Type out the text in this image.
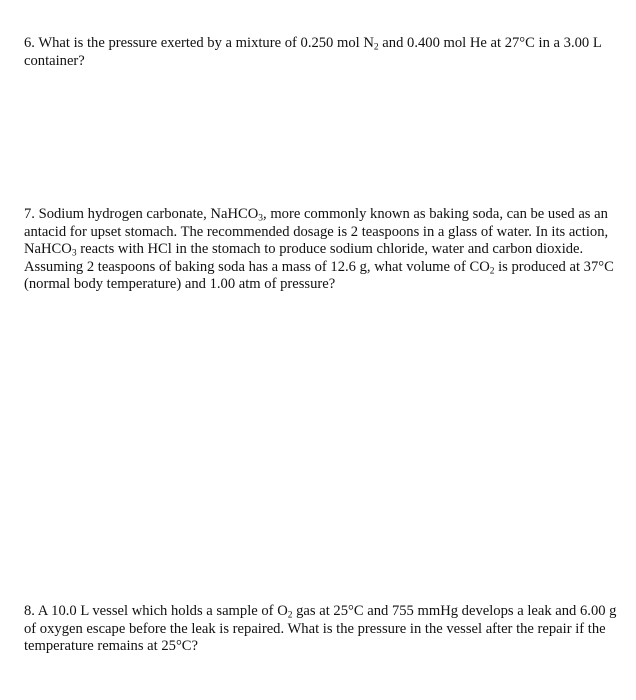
6. What is the pressure exerted by a mixture of 0.250 mol $N_2$ and 0.400 mol He at 27°C in a 3.00 L container?

7. Sodium hydrogen carbonate, NaHCO$_3$, more commonly known as baking soda, can be used as an antacid for upset stomach. The recommended dosage is 2 teaspoons in a glass of water. In its action, NaHCO$_3$ reacts with HCl in the stomach to produce sodium chloride, water and carbon dioxide. Assuming 2 teaspoons of baking soda has a mass of 12.6 g, what volume of $CO_2$ is produced at 37°C (normal body temperature) and 1.00 atm of pressure?

8. A 10.0 L vessel which holds a sample of $O_2$ gas at 25°C and 755 mmHg develops a leak and 6.00 g of oxygen escape before the leak is repaired. What is the pressure in the vessel after the repair if the temperature remains at 25°C?
